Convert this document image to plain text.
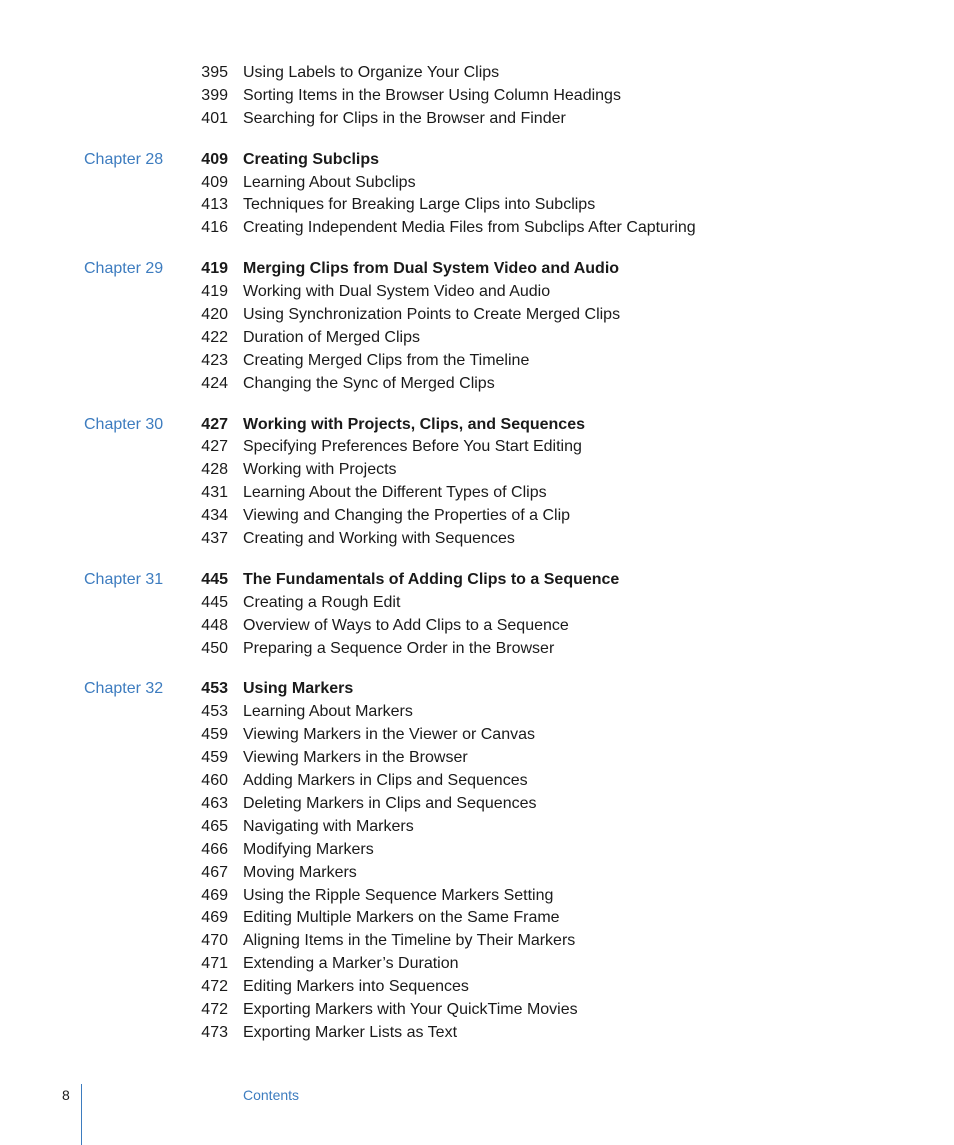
395 Using Labels to Organize Your Clips
399 Sorting Items in the Browser Using Column Headings
401 Searching for Clips in the Browser and Finder
Chapter 28 409 Creating Subclips
409 Learning About Subclips
413 Techniques for Breaking Large Clips into Subclips
416 Creating Independent Media Files from Subclips After Capturing
Chapter 29 419 Merging Clips from Dual System Video and Audio
419 Working with Dual System Video and Audio
420 Using Synchronization Points to Create Merged Clips
422 Duration of Merged Clips
423 Creating Merged Clips from the Timeline
424 Changing the Sync of Merged Clips
Chapter 30 427 Working with Projects, Clips, and Sequences
427 Specifying Preferences Before You Start Editing
428 Working with Projects
431 Learning About the Different Types of Clips
434 Viewing and Changing the Properties of a Clip
437 Creating and Working with Sequences
Chapter 31 445 The Fundamentals of Adding Clips to a Sequence
445 Creating a Rough Edit
448 Overview of Ways to Add Clips to a Sequence
450 Preparing a Sequence Order in the Browser
Chapter 32 453 Using Markers
453 Learning About Markers
459 Viewing Markers in the Viewer or Canvas
459 Viewing Markers in the Browser
460 Adding Markers in Clips and Sequences
463 Deleting Markers in Clips and Sequences
465 Navigating with Markers
466 Modifying Markers
467 Moving Markers
469 Using the Ripple Sequence Markers Setting
469 Editing Multiple Markers on the Same Frame
470 Aligning Items in the Timeline by Their Markers
471 Extending a Marker’s Duration
472 Editing Markers into Sequences
472 Exporting Markers with Your QuickTime Movies
473 Exporting Marker Lists as Text
8	Contents
